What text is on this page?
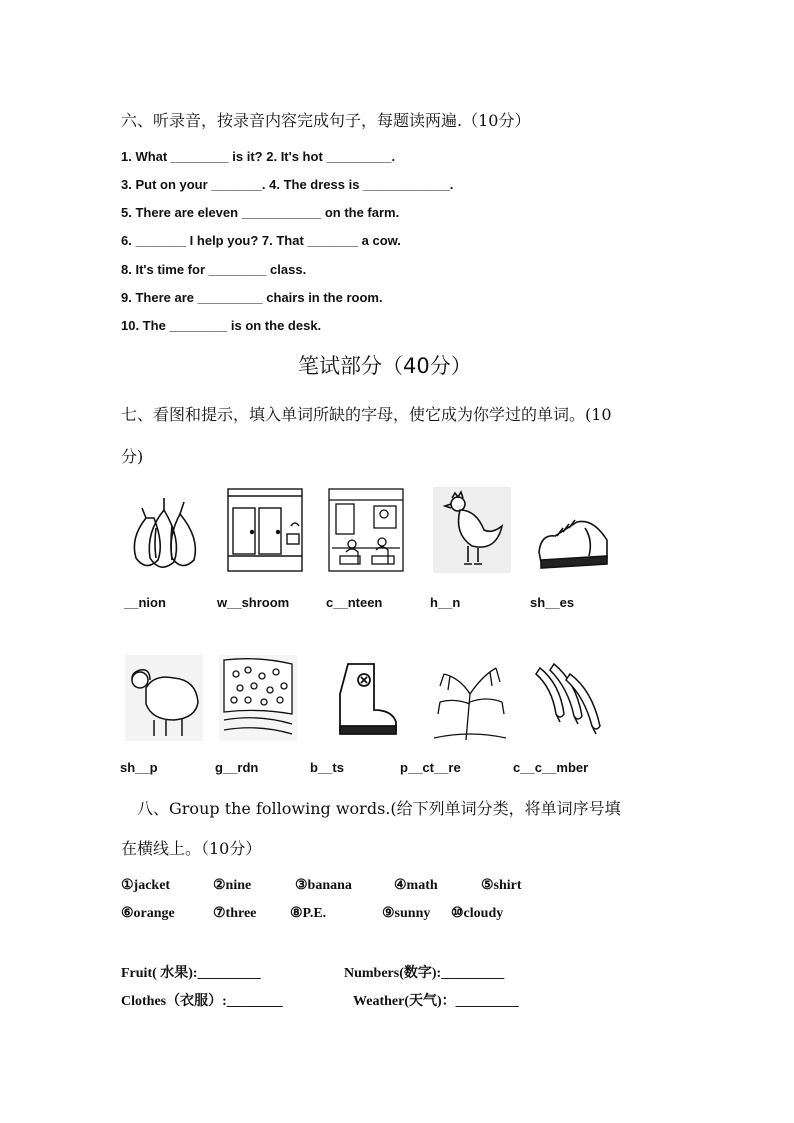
六、听录音，按录音内容完成句子，每题读两遍.（10分）
1. What ________ is it? 2. It's hot _________.
3. Put on your _______. 4. The dress is ____________.
5. There are eleven ___________ on the farm.
6. _______ I help you? 7. That _______ a cow.
8. It's time for ________ class.
9. There are _________ chairs in the room.
10. The ________ is on the desk.
笔试部分（40分）
七、看图和提示，填入单词所缺的字母，使它成为你学过的单词。(10
分)
__nion	w__shroom	c__nteen	h__n	sh__es
sh__p	g__rdn	b__ts	p__ct__re	c__c__mber
八、Group the following words.(给下列单词分类，将单词序号填
在横线上。（10分）
①jacket	②nine	③banana	④math	⑤shirt
⑥orange	⑦three ⑧P.E.	⑨sunny ⑩cloudy
Fruit( 水果):_________	Numbers(数字):_________
Clothes（衣服）:________	Weather(天气)：_________
